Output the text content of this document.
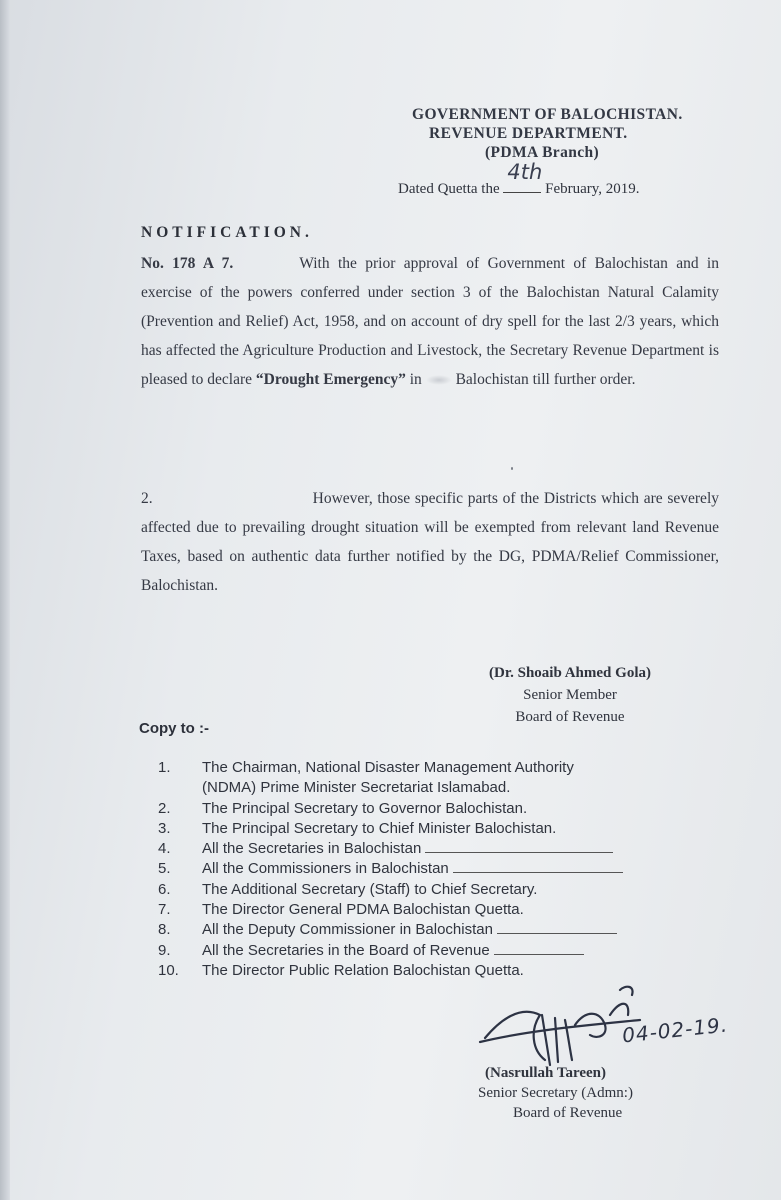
GOVERNMENT OF BALOCHISTAN.
REVENUE DEPARTMENT.
(PDMA Branch)
Dated Quetta the
4th
February, 2019.
NOTIFICATION.
No. 178 A 7.	With the prior approval of Government of Balochistan and in exercise of the powers conferred under section 3 of the Balochistan Natural Calamity (Prevention and Relief) Act, 1958, and on account of dry spell for the last 2/3 years, which has affected the Agriculture Production and Livestock, the Secretary Revenue Department is pleased to declare “Drought Emergency” in Balochistan till further order.
2.	However, those specific parts of the Districts which are severely affected due to prevailing drought situation will be exempted from relevant land Revenue Taxes, based on authentic data further notified by the DG, PDMA/Relief Commissioner, Balochistan.
(Dr. Shoaib Ahmed Gola)
Senior Member
Board of Revenue
Copy to :-
1.	The Chairman, National Disaster Management Authority
(NDMA) Prime Minister Secretariat Islamabad.
2.	The Principal Secretary to Governor Balochistan.
3.	The Principal Secretary to Chief Minister Balochistan.
4.	All the Secretaries in Balochistan
5.	All the Commissioners in Balochistan
6.	The Additional Secretary (Staff) to Chief Secretary.
7.	The Director General PDMA Balochistan Quetta.
8.	All the Deputy Commissioner in Balochistan
9.	All the Secretaries in the Board of Revenue
10.	The Director Public Relation Balochistan Quetta.
04-02-19.
(Nasrullah Tareen)
Senior Secretary (Admn:)
Board of Revenue
